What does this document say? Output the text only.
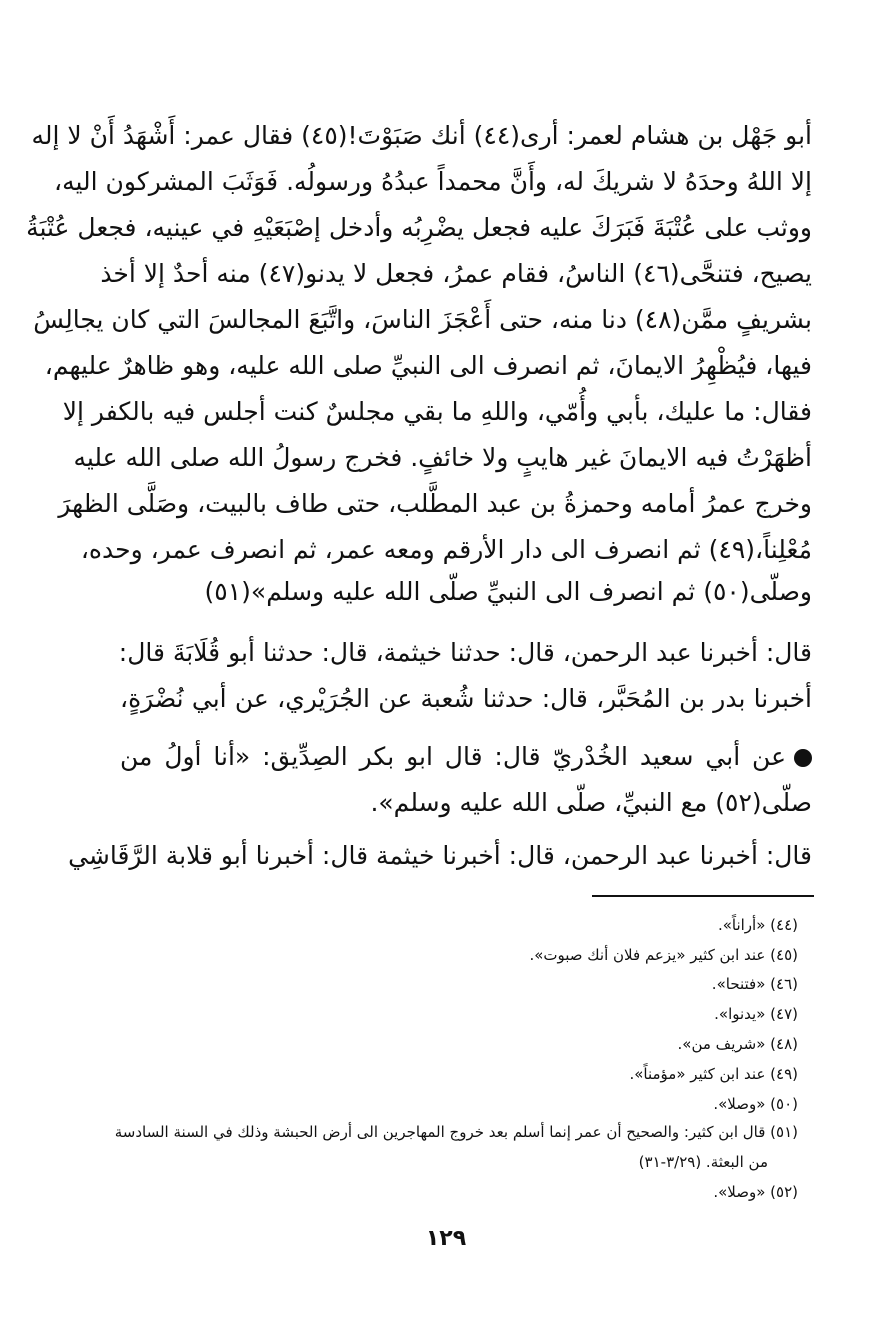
أبو جَهْل بن هشام لعمر: أرى(٤٤) أنك صَبَوْتَ!(٤٥) فقال عمر: أَشْهَدُ أَنْ لا إله
إلا اللهُ وحدَهُ لا شريكَ له، وأَنَّ محمداً عبدُهُ ورسولُه. فَوَثَبَ المشركون اليه،
ووثب على عُتْبَةَ فَبَرَكَ عليه فجعل يضْرِبُه وأدخل إصْبَعَيْهِ في عينيه، فجعل عُتْبَةُ
يصيح، فتنحَّى(٤٦) الناسُ، فقام عمرُ، فجعل لا يدنو(٤٧) منه أحدٌ إلا أخذ
بشريفٍ ممَّن(٤٨) دنا منه، حتى أَعْجَزَ الناسَ، واتَّبَعَ المجالسَ التي كان يجالِسُ
فيها، فيُظْهِرُ الايمانَ، ثم انصرف الى النبيِّ صلى الله عليه، وهو ظاهرٌ عليهم،
فقال: ما عليك، بأبي وأُمّي، واللهِ ما بقي مجلسٌ كنت أجلس فيه بالكفر إلا
أظهَرْتُ فيه الايمانَ غير هايبٍ ولا خائفٍ. فخرج رسولُ الله صلى الله عليه
وخرج عمرُ أمامه وحمزةُ بن عبد المطَّلب، حتى طاف بالبيت، وصَلَّى الظهرَ
مُعْلِناً،(٤٩) ثم انصرف الى دار الأرقم ومعه عمر، ثم انصرف عمر، وحده،
وصلّى(٥٠) ثم انصرف الى النبيِّ صلّى الله عليه وسلم»(٥١)
قال: أخبرنا عبد الرحمن، قال: حدثنا خيثمة، قال: حدثنا أبو قُلَابَةَ قال:
أخبرنا بدر بن المُحَبَّر، قال: حدثنا شُعبة عن الجُرَيْري، عن أبي نُضْرَةٍ،
عن أبي سعيد الخُدْريّ قال: قال ابو بكر الصِدِّيق: «أنا أولُ من
صلّى(٥٢) مع النبيِّ، صلّى الله عليه وسلم».
قال: أخبرنا عبد الرحمن، قال: أخبرنا خيثمة قال: أخبرنا أبو قلابة الرَّقَاشِي
(٤٤) «أراناً».
(٤٥) عند ابن كثير «يزعم فلان أنك صبوت».
(٤٦) «فتنحا».
(٤٧) «يدنوا».
(٤٨) «شريف من».
(٤٩) عند ابن كثير «مؤمناً».
(٥٠) «وصلا».
(٥١) قال ابن كثير: والصحيح أن عمر إنما أسلم بعد خروج المهاجرين الى أرض الحبشة وذلك في السنة السادسة
من البعثة. (٣/٢٩-٣١)
(٥٢) «وصلا».
١٢٩
